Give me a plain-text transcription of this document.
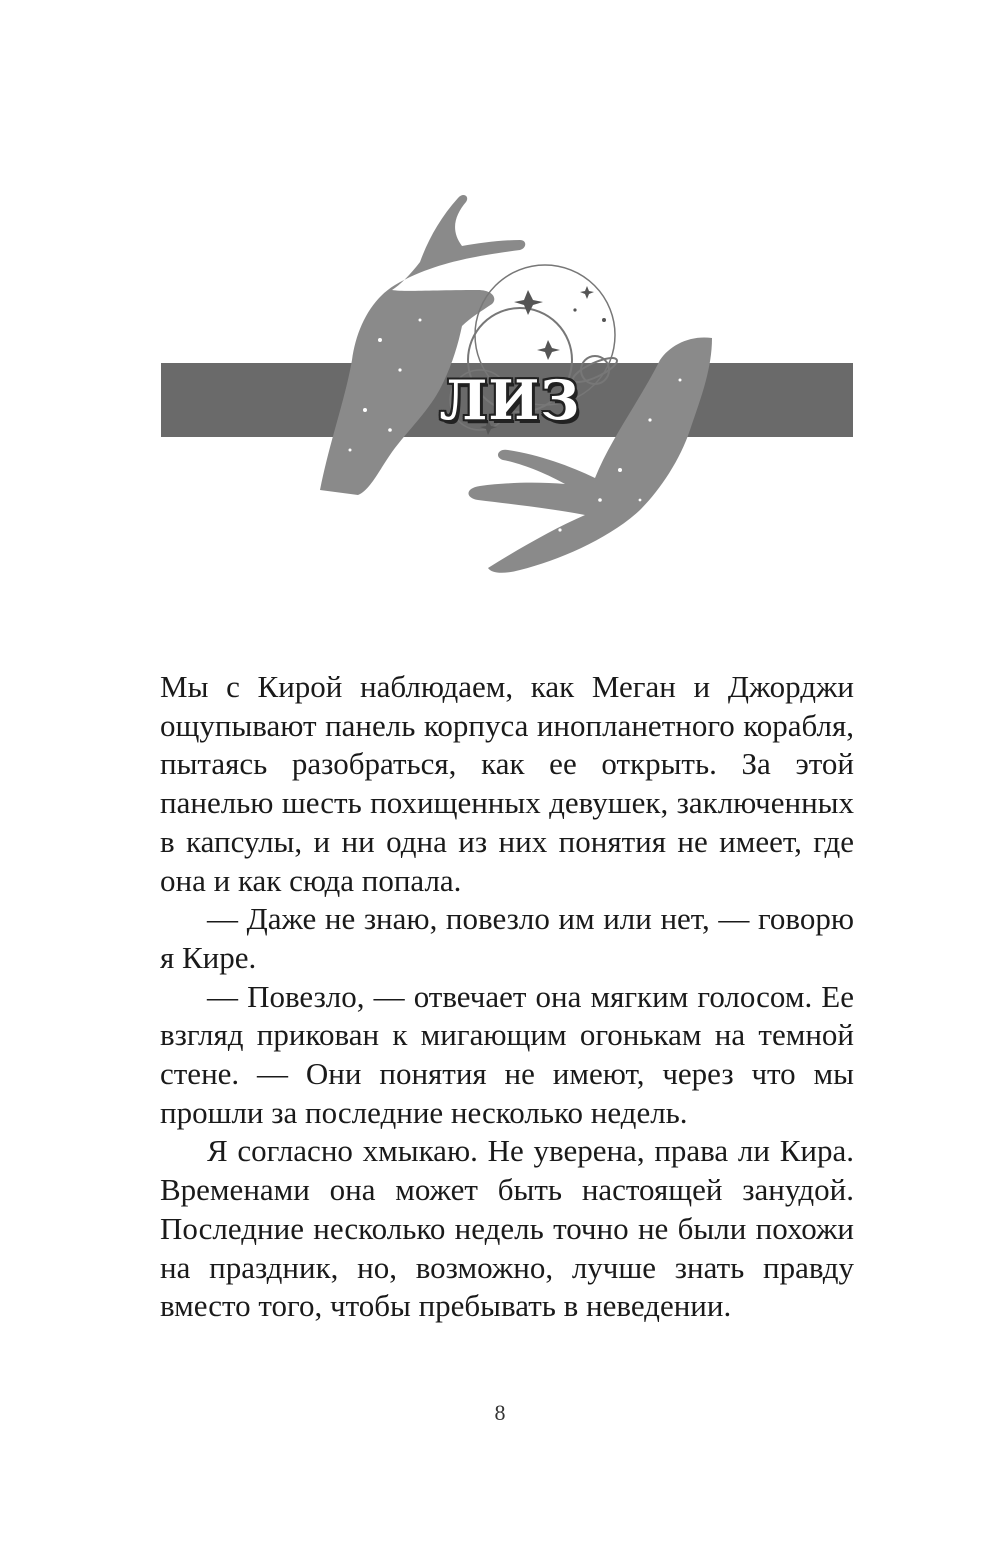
ЛИЗ

Мы с Кирой наблюдаем, как Меган и Джорджи ощупывают панель корпуса инопланетного корабля, пытаясь разобраться, как ее открыть. За этой панелью шесть похищенных девушек, заключенных в капсулы, и ни одна из них понятия не имеет, где она и как сюда попала.

— Даже не знаю, повезло им или нет, — говорю я Кире.

— Повезло, — отвечает она мягким голосом. Ее взгляд прикован к мигающим огонькам на темной стене. — Они понятия не имеют, через что мы прошли за последние несколько недель.

Я согласно хмыкаю. Не уверена, права ли Кира. Временами она может быть настоящей занудой. Последние несколько недель точно не были похожи на праздник, но, возможно, лучше знать правду вместо того, чтобы пребывать в неведении.

8
